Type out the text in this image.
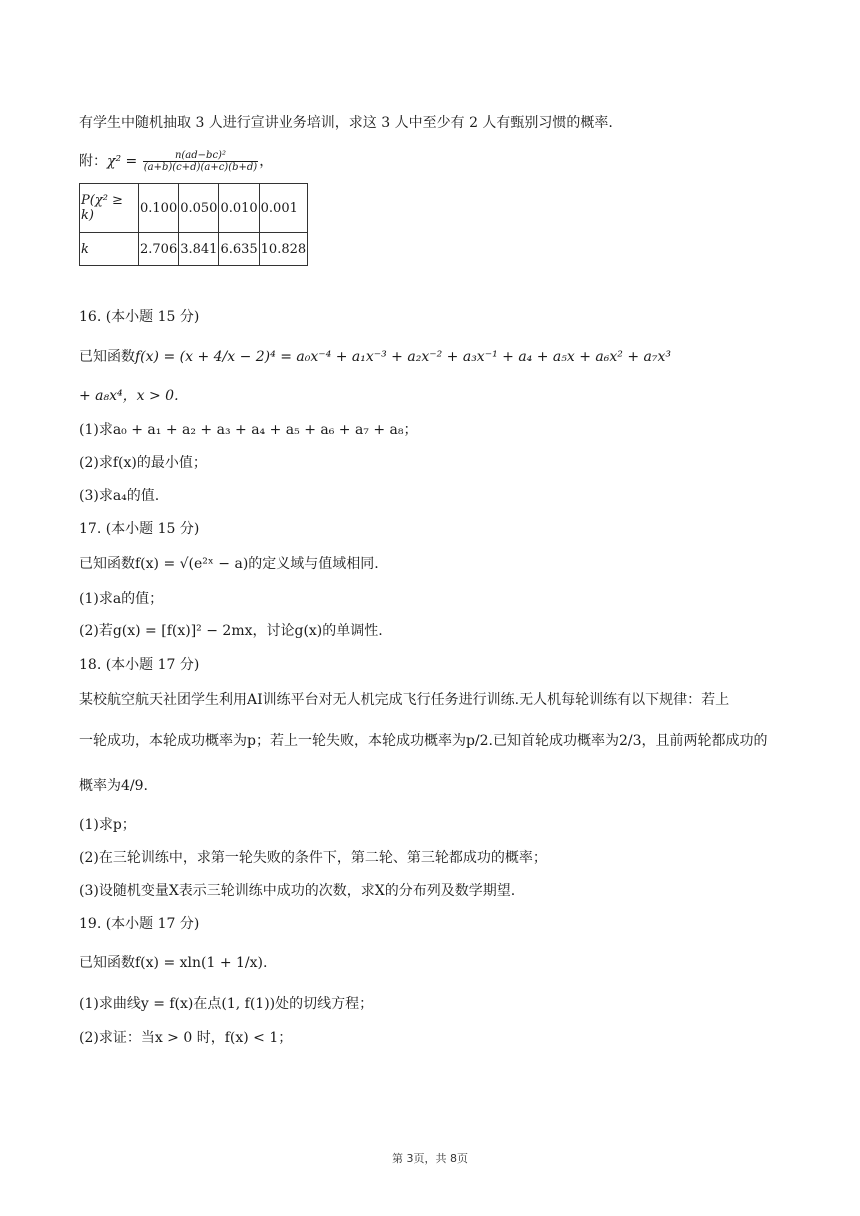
有学生中随机抽取 3 人进行宣讲业务培训，求这 3 人中至少有 2 人有甄别习惯的概率.
附：$\chi^2 = \frac{\text{n(ad−bc)²}}{(a+b)(c+d)(a+c)(b+d)}$ ，
P(χ² ≥ k)	0.100	0.050	0.010	0.001
k	2.706	3.841	6.635	10.828
16. (本小题 15 分)
已知函数f(x) = (x + 4/x − 2)⁴ = a₀x⁻⁴ + a₁x⁻³ + a₂x⁻² + a₃x⁻¹ + a₄ + a₅x + a₆x² + a₇x³
+ a₈x⁴，x > 0.
(1)求a₀ + a₁ + a₂ + a₃ + a₄ + a₅ + a₆ + a₇ + a₈；
(2)求f(x)的最小值；
(3)求a₄的值.
17. (本小题 15 分)
已知函数f(x) = √(e²ˣ − a)的定义域与值域相同.
(1)求a的值；
(2)若g(x) = [f(x)]² − 2mx，讨论g(x)的单调性.
18. (本小题 17 分)
某校航空航天社团学生利用AI训练平台对无人机完成飞行任务进行训练.无人机每轮训练有以下规律：若上
一轮成功，本轮成功概率为p；若上一轮失败，本轮成功概率为p/2.已知首轮成功概率为2/3，且前两轮都成功的
概率为4/9.
(1)求p；
(2)在三轮训练中，求第一轮失败的条件下，第二轮、第三轮都成功的概率；
(3)设随机变量X表示三轮训练中成功的次数，求X的分布列及数学期望.
19. (本小题 17 分)
已知函数f(x) = xln(1 + 1/x).
(1)求曲线y = f(x)在点(1, f(1))处的切线方程；
(2)求证：当x > 0 时，f(x) < 1；
第 3页，共 8页
